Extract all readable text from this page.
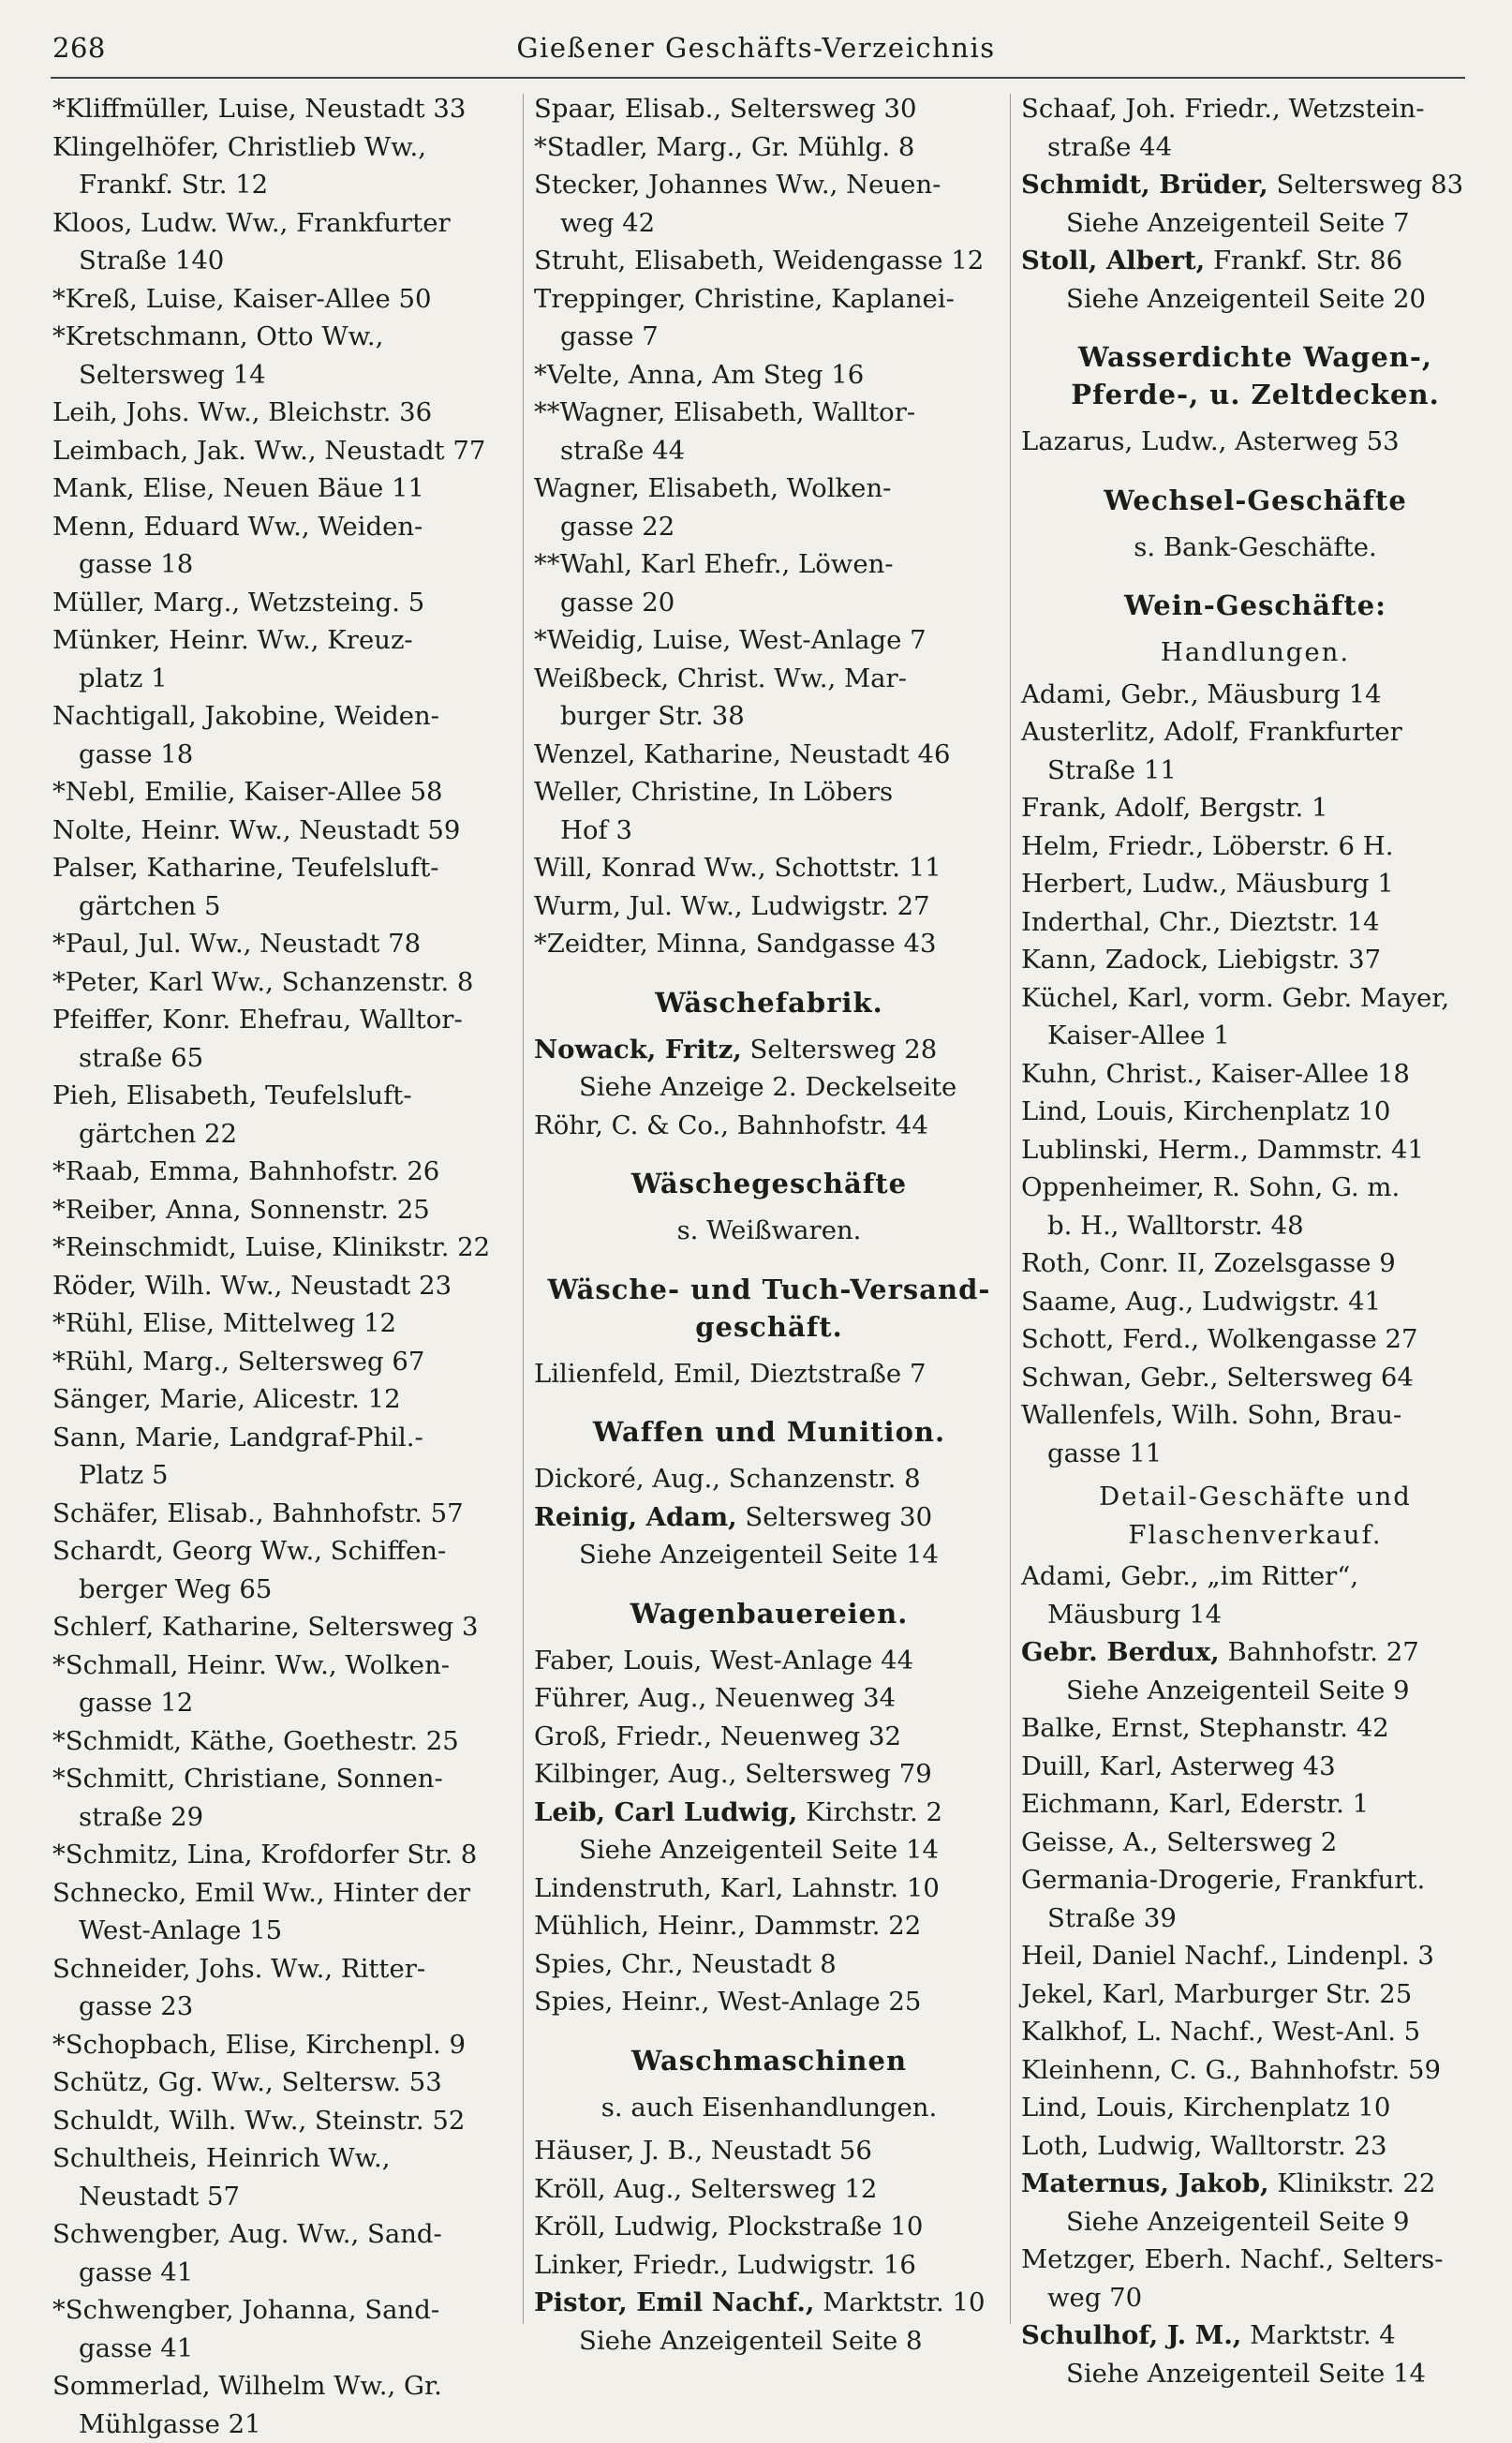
268	Gießener Geschäfts-Verzeichnis

*Kliffmüller, Luise, Neustadt 33

Klingelhöfer, Christlieb Ww.,
Frankf. Str. 12

Kloos, Ludw. Ww., Frankfurter
Straße 140

*Kreß, Luise, Kaiser-Allee 50

*Kretschmann, Otto Ww.,
Seltersweg 14

Leih, Johs. Ww., Bleichstr. 36

Leimbach, Jak. Ww., Neustadt 77

Mank, Elise, Neuen Bäue 11

Menn, Eduard Ww., Weiden-
gasse 18

Müller, Marg., Wetzsteing. 5

Münker, Heinr. Ww., Kreuz-
platz 1

Nachtigall, Jakobine, Weiden-
gasse 18

*Nebl, Emilie, Kaiser-Allee 58

Nolte, Heinr. Ww., Neustadt 59

Palser, Katharine, Teufelsluft-
gärtchen 5

*Paul, Jul. Ww., Neustadt 78

*Peter, Karl Ww., Schanzenstr. 8

Pfeiffer, Konr. Ehefrau, Walltor-
straße 65

Pieh, Elisabeth, Teufelsluft-
gärtchen 22

*Raab, Emma, Bahnhofstr. 26

*Reiber, Anna, Sonnenstr. 25

*Reinschmidt, Luise, Klinikstr. 22

Röder, Wilh. Ww., Neustadt 23

*Rühl, Elise, Mittelweg 12

*Rühl, Marg., Seltersweg 67

Sänger, Marie, Alicestr. 12

Sann, Marie, Landgraf-Phil.-
Platz 5

Schäfer, Elisab., Bahnhofstr. 57

Schardt, Georg Ww., Schiffen-
berger Weg 65

Schlerf, Katharine, Seltersweg 3

*Schmall, Heinr. Ww., Wolken-
gasse 12

*Schmidt, Käthe, Goethestr. 25

*Schmitt, Christiane, Sonnen-
straße 29

*Schmitz, Lina, Krofdorfer Str. 8

Schnecko, Emil Ww., Hinter der
West-Anlage 15

Schneider, Johs. Ww., Ritter-
gasse 23

*Schopbach, Elise, Kirchenpl. 9

Schütz, Gg. Ww., Seltersw. 53

Schuldt, Wilh. Ww., Steinstr. 52

Schultheis, Heinrich Ww.,
Neustadt 57

Schwengber, Aug. Ww., Sand-
gasse 41

*Schwengber, Johanna, Sand-
gasse 41

Sommerlad, Wilhelm Ww., Gr.
Mühlgasse 21

Spaar, Elisab., Seltersweg 30

*Stadler, Marg., Gr. Mühlg. 8

Stecker, Johannes Ww., Neuen-
weg 42

Struht, Elisabeth, Weidengasse 12

Treppinger, Christine, Kaplanei-
gasse 7

*Velte, Anna, Am Steg 16

**Wagner, Elisabeth, Walltor-
straße 44

Wagner, Elisabeth, Wolken-
gasse 22

**Wahl, Karl Ehefr., Löwen-
gasse 20

*Weidig, Luise, West-Anlage 7

Weißbeck, Christ. Ww., Mar-
burger Str. 38

Wenzel, Katharine, Neustadt 46

Weller, Christine, In Löbers
Hof 3

Will, Konrad Ww., Schottstr. 11

Wurm, Jul. Ww., Ludwigstr. 27

*Zeidter, Minna, Sandgasse 43

Wäschefabrik.

Nowack, Fritz, Seltersweg 28

Siehe Anzeige 2. Deckelseite

Röhr, C. & Co., Bahnhofstr. 44

Wäschegeschäfte

s. Weißwaren.

Wäsche- und Tuch-Versand- geschäft.

Lilienfeld, Emil, Dieztstraße 7

Waffen und Munition.

Dickoré, Aug., Schanzenstr. 8

Reinig, Adam, Seltersweg 30

Siehe Anzeigenteil Seite 14

Wagenbauereien.

Faber, Louis, West-Anlage 44

Führer, Aug., Neuenweg 34

Groß, Friedr., Neuenweg 32

Kilbinger, Aug., Seltersweg 79

Leib, Carl Ludwig, Kirchstr. 2

Siehe Anzeigenteil Seite 14

Lindenstruth, Karl, Lahnstr. 10

Mühlich, Heinr., Dammstr. 22

Spies, Chr., Neustadt 8

Spies, Heinr., West-Anlage 25

Waschmaschinen

s. auch Eisenhandlungen.

Häuser, J. B., Neustadt 56

Kröll, Aug., Seltersweg 12

Kröll, Ludwig, Plockstraße 10

Linker, Friedr., Ludwigstr. 16

Pistor, Emil Nachf., Marktstr. 10

Siehe Anzeigenteil Seite 8

Schaaf, Joh. Friedr., Wetzstein-
straße 44

Schmidt, Brüder, Seltersweg 83

Siehe Anzeigenteil Seite 7

Stoll, Albert, Frankf. Str. 86

Siehe Anzeigenteil Seite 20

Wasserdichte Wagen-, Pferde-, u. Zeltdecken.

Lazarus, Ludw., Asterweg 53

Wechsel-Geschäfte

s. Bank-Geschäfte.

Wein-Geschäfte:

Handlungen.

Adami, Gebr., Mäusburg 14

Austerlitz, Adolf, Frankfurter
Straße 11

Frank, Adolf, Bergstr. 1

Helm, Friedr., Löberstr. 6 H.

Herbert, Ludw., Mäusburg 1

Inderthal, Chr., Dieztstr. 14

Kann, Zadock, Liebigstr. 37

Küchel, Karl, vorm. Gebr. Mayer,
Kaiser-Allee 1

Kuhn, Christ., Kaiser-Allee 18

Lind, Louis, Kirchenplatz 10

Lublinski, Herm., Dammstr. 41

Oppenheimer, R. Sohn, G. m.
b. H., Walltorstr. 48

Roth, Conr. II, Zozelsgasse 9

Saame, Aug., Ludwigstr. 41

Schott, Ferd., Wolkengasse 27

Schwan, Gebr., Seltersweg 64

Wallenfels, Wilh. Sohn, Brau-
gasse 11

Detail-Geschäfte und Flaschenverkauf.

Adami, Gebr., „im Ritter“,
Mäusburg 14

Gebr. Berdux, Bahnhofstr. 27

Siehe Anzeigenteil Seite 9

Balke, Ernst, Stephanstr. 42

Duill, Karl, Asterweg 43

Eichmann, Karl, Ederstr. 1

Geisse, A., Seltersweg 2

Germania-Drogerie, Frankfurt.
Straße 39

Heil, Daniel Nachf., Lindenpl. 3

Jekel, Karl, Marburger Str. 25

Kalkhof, L. Nachf., West-Anl. 5

Kleinhenn, C. G., Bahnhofstr. 59

Lind, Louis, Kirchenplatz 10

Loth, Ludwig, Walltorstr. 23

Maternus, Jakob, Klinikstr. 22

Siehe Anzeigenteil Seite 9

Metzger, Eberh. Nachf., Selters-
weg 70

Schulhof, J. M., Marktstr. 4

Siehe Anzeigenteil Seite 14
